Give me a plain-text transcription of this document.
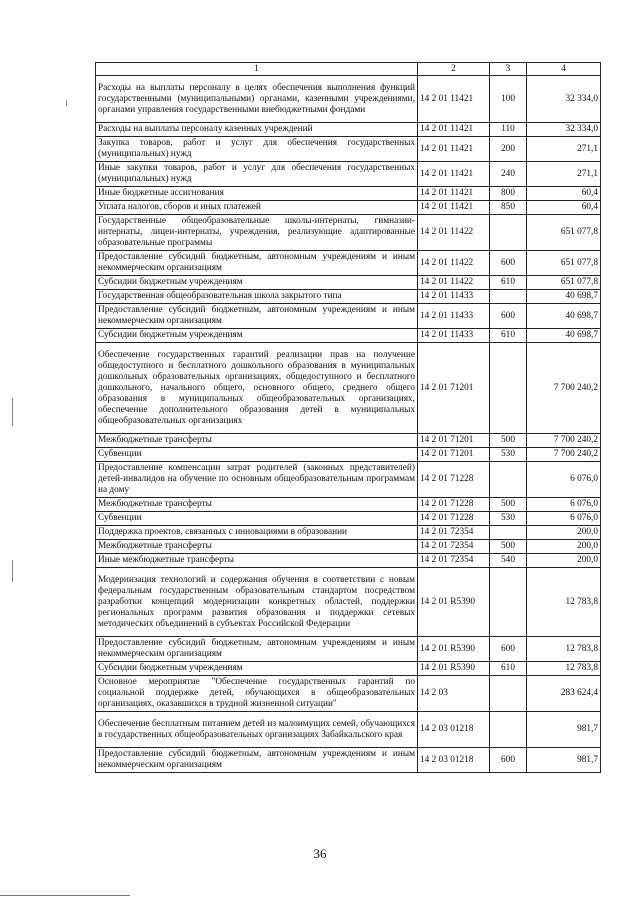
1	2	3	4
Расходы на выплаты персоналу в целях обеспечения выполнения функций государственными (муниципальными) органами, казенными учреждениями, органами управления государственными внебюджетными фондами	14 2 01 11421	100	32 334,0
Расходы на выплаты персоналу казенных учреждений	14 2 01 11421	110	32 334,0
Закупка товаров, работ и услуг для обеспечения государственных (муниципальных) нужд	14 2 01 11421	200	271,1
Иные закупки товаров, работ и услуг для обеспечения государственных (муниципальных) нужд	14 2 01 11421	240	271,1
Иные бюджетные ассигнования	14 2 01 11421	800	60,4
Уплата налогов, сборов и иных платежей	14 2 01 11421	850	60,4
Государственные общеобразовательные школы-интернаты, гимназии-интернаты, лицеи-интернаты, учреждения, реализующие адаптированные образовательные программы	14 2 01 11422		651 077,8
Предоставление субсидий бюджетным, автономным учреждениям и иным некоммерческим организациям	14 2 01 11422	600	651 077,8
Субсидии бюджетным учреждениям	14 2 01 11422	610	651 077,8
Государственная общеобразовательная школа закрытого типа	14 2 01 11433		40 698,7
Предоставление субсидий бюджетным, автономным учреждениям и иным некоммерческим организациям	14 2 01 11433	600	40 698,7
Субсидии бюджетным учреждениям	14 2 01 11433	610	40 698,7
Обеспечение государственных гарантий реализации прав на получение общедоступного и бесплатного дошкольного образования в муниципальных дошкольных образовательных организациях, общедоступного и бесплатного дошкольного, начального общего, основного общего, среднего общего образования в муниципальных общеобразовательных организациях, обеспечение дополнительного образования детей в муниципальных общеобразовательных организациях	14 2 01 71201		7 700 240,2
Межбюджетные трансферты	14 2 01 71201	500	7 700 240,2
Субвенции	14 2 01 71201	530	7 700 240,2
Предоставление компенсации затрат родителей (законных представителей) детей-инвалидов на обучение по основным общеобразовательным программам на дому	14 2 01 71228		6 076,0
Межбюджетные трансферты	14 2 01 71228	500	6 076,0
Субвенции	14 2 01 71228	530	6 076,0
Поддержка проектов, связанных с инновациями в образовании	14 2 01 72354		200,0
Межбюджетные трансферты	14 2 01 72354	500	200,0
Иные межбюджетные трансферты	14 2 01 72354	540	200,0
Модернизация технологий и содержания обучения в соответствии с новым федеральным государственным образовательным стандартом посредством разработки концепций модернизации конкретных областей, поддержки региональных программ развития образования и поддержки сетевых методических объединений в субъектах Российской Федерации	14 2 01 R5390		12 783,8
Предоставление субсидий бюджетным, автономным учреждениям и иным некоммерческим организациям	14 2 01 R5390	600	12 783,8
Субсидии бюджетным учреждениям	14 2 01 R5390	610	12 783,8
Основное мероприятие "Обеспечение государственных гарантий по социальной поддержке детей, обучающихся в общеобразовательных организациях, оказавшихся в трудной жизненной ситуации"	14 2 03		283 624,4
Обеспечение бесплатным питанием детей из малоимущих семей, обучающихся в государственных общеобразовательных организациях Забайкальского края	14 2 03 01218		981,7
Предоставление субсидий бюджетным, автономным учреждениям и иным некоммерческим организациям	14 2 03 01218	600	981,7
36
